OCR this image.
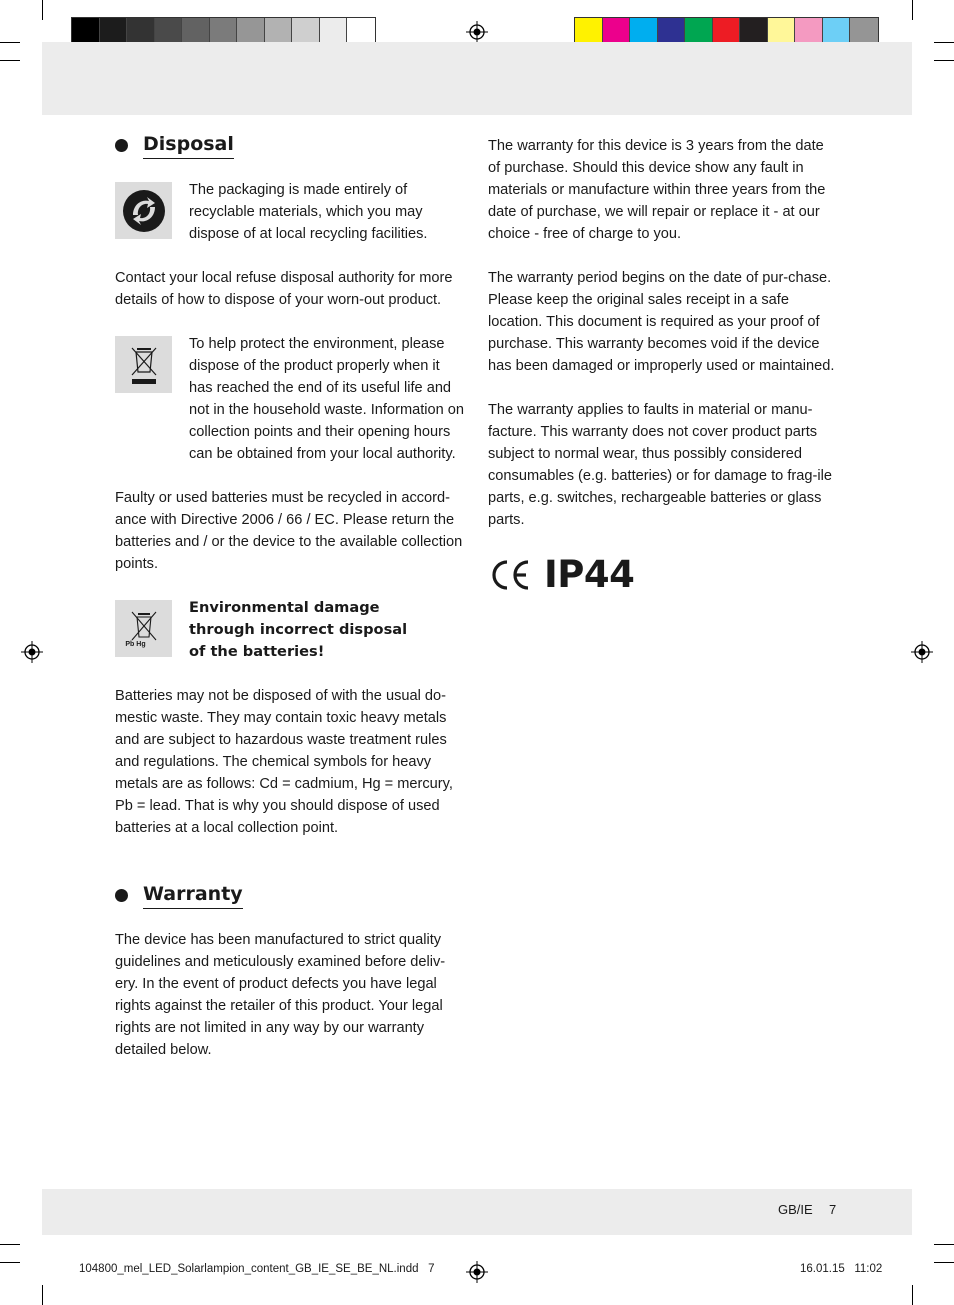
Disposal

The packaging is made entirely of recyclable materials, which you may dispose of at local recycling facilities.

Contact your local refuse disposal authority for more details of how to dispose of your worn-out product.

To help protect the environment, please dispose of the product properly when it has reached the end of its useful life and not in the household waste. Information on collection points and their opening hours can be obtained from your local authority.

Faulty or used batteries must be recycled in accord-ance with Directive 2006 / 66 / EC. Please return the batteries and / or the device to the available collection points.

Pb Hg
Environmental damage
through incorrect disposal
of the batteries!

Batteries may not be disposed of with the usual do-mestic waste. They may contain toxic heavy metals and are subject to hazardous waste treatment rules and regulations. The chemical symbols for heavy metals are as follows: Cd = cadmium, Hg = mercury, Pb = lead. That is why you should dispose of used batteries at a local collection point.

Warranty

The device has been manufactured to strict quality guidelines and meticulously examined before deliv-ery. In the event of product defects you have legal rights against the retailer of this product. Your legal rights are not limited in any way by our warranty detailed below.

The warranty for this device is 3 years from the date of purchase. Should this device show any fault in materials or manufacture within three years from the date of purchase, we will repair or replace it - at our choice - free of charge to you.

The warranty period begins on the date of pur-chase. Please keep the original sales receipt in a safe location. This document is required as your proof of purchase. This warranty becomes void if the device has been damaged or improperly used or maintained.

The warranty applies to faults in material or manu-facture. This warranty does not cover product parts subject to normal wear, thus possibly considered consumables (e.g. batteries) or for damage to frag-ile parts, e.g. switches, rechargeable batteries or glass parts.

IP44
GB/IE 7
104800_mel_LED_Solarlampion_content_GB_IE_SE_BE_NL.indd   7	16.01.15   11:02
